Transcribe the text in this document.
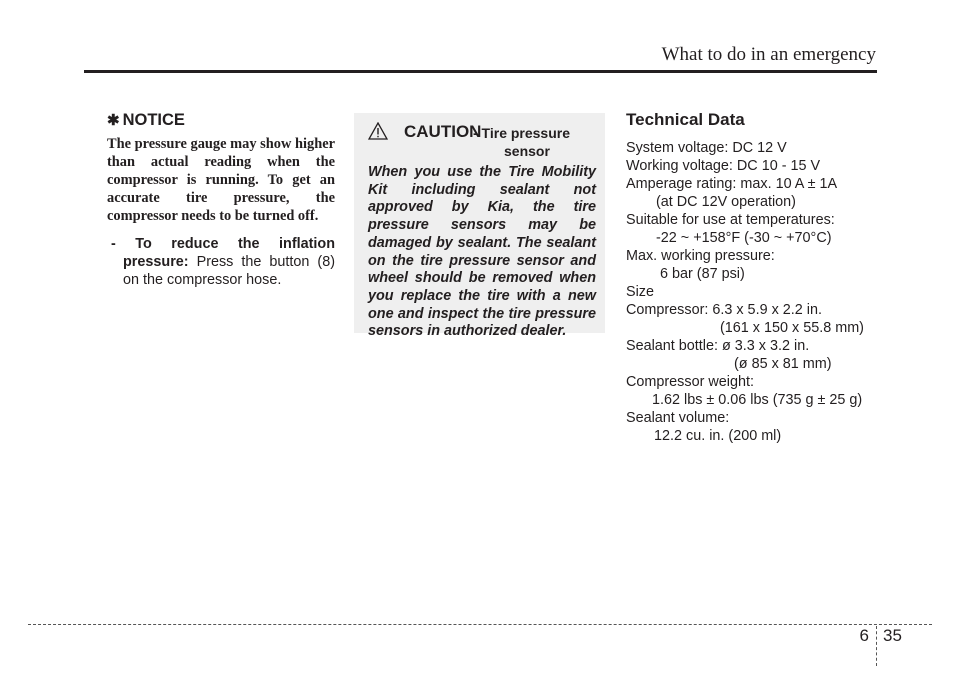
What to do in an emergency
✱ NOTICE

The pressure gauge may show higher than actual reading when the compressor is running. To get an accurate tire pressure, the compressor needs to be turned off.

- To reduce the inflation pressure: Press the button (8) on the compressor hose.

CAUTION
- Tire pressure
sensor

When you use the Tire Mobility Kit including sealant not approved by Kia, the tire pressure sensors may be damaged by sealant. The sealant on the tire pressure sensor and wheel should be removed when you replace the tire with a new one and inspect the tire pressure sensors in authorized dealer.

Technical Data
System voltage: DC 12 V
Working voltage: DC 10 - 15 V
Amperage rating: max. 10 A ± 1A
(at DC 12V operation)
Suitable for use at temperatures:
-22 ~ +158°F (-30 ~ +70°C)
Max. working pressure:
6 bar (87 psi)
Size
Compressor: 6.3 x 5.9 x 2.2 in.
(161 x 150 x 55.8 mm)
Sealant bottle: ø 3.3 x 3.2 in.
(ø 85 x 81 mm)
Compressor weight:
1.62 lbs ± 0.06 lbs (735 g ± 25 g)
Sealant volume:
12.2 cu. in. (200 ml)
6 35
